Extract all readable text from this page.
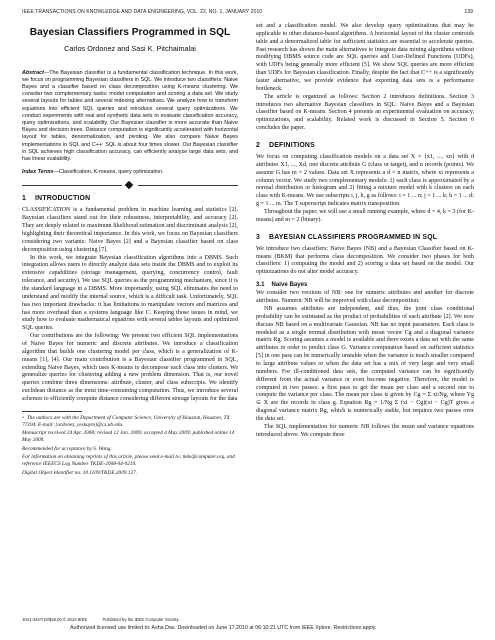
IEEE TRANSACTIONS ON KNOWLEDGE AND DATA ENGINEERING, VOL. 22, NO. 1, JANUARY 2010	139
Bayesian Classifiers Programmed in SQL
Carlos Ordonez and Sasi K. Pitchaimalai

Abstract—The Bayesian classifier is a fundamental classification technique. In this work, we focus on programming Bayesian classifiers in SQL. We introduce two classifiers: Naive Bayes and a classifier based on class decomposition using K-means clustering. We consider two complementary tasks: model computation and scoring a data set. We study several layouts for tables and several indexing alternatives. We analyze how to transform equations into efficient SQL queries and introduce several query optimizations. We conduct experiments with real and synthetic data sets to evaluate classification accuracy, query optimizations, and scalability. Our Bayesian classifier is more accurate than Naive Bayes and decision trees. Distance computation is significantly accelerated with horizontal layout for tables, denormalization, and pivoting. We also compare Naive Bayes implementations in SQL and C++: SQL is about four times slower. Our Bayesian classifier in SQL achieves high classification accuracy, can efficiently analyze large data sets, and has linear scalability.

Index Terms—Classification, K-means, query optimization.

1 INTRODUCTION

CLASSIFICATION is a fundamental problem in machine learning and statistics [2]. Bayesian classifiers stand out for their robustness, interpretability, and accuracy [2]. They are deeply related to maximum likelihood estimation and discriminant analysis [2], highlighting their theoretical importance. In this work, we focus on Bayesian classifiers considering two variants: Naive Bayes [2] and a Bayesian classifier based on class decomposition using clustering [7].

In this work, we integrate Bayesian classification algorithms into a DBMS. Such integration allows users to directly analyze data sets inside the DBMS and to exploit its extensive capabilities (storage management, querying, concurrency control, fault tolerance, and security). We use SQL queries as the programming mechanism, since it is the standard language in a DBMS. More importantly, using SQL eliminates the need to understand and modify the internal source, which is a difficult task. Unfortunately, SQL has two important drawbacks: it has limitations to manipulate vectors and matrices and has more overhead than a systems language like C. Keeping those issues in mind, we study how to evaluate mathematical equations with several tables layouts and optimized SQL queries.

Our contributions are the following: We present two efficient SQL implementations of Naive Bayes for numeric and discrete attributes. We introduce a classification algorithm that builds one clustering model per class, which is a generalization of K-means [1], [4]. Our main contribution is a Bayesian classifier programmed in SQL, extending Naive Bayes, which uses K-means to decompose each class into clusters. We generalize queries for clustering adding a new problem dimension. That is, our novel queries combine three dimensions: attribute, cluster, and class subscripts. We identify euclidean distance as the most time-consuming computation. Thus, we introduce several schemes to efficiently compute distance considering different storage layouts for the data

• The authors are with the Department of Computer Science, University of Houston, Houston, TX 77204. E-mail: {ordonez, yeskaym}@cs.uh.edu.

Manuscript received 24 Apr. 2008; revised 12 Jan. 2009; accepted 4 May 2009; published online 14 May 2009.

Recommended for acceptance by S. Wang.

For information on obtaining reprints of this article, please send e-mail to: tkde@computer.org, and reference IEEECS Log Number TKDE-2008-04-0219.

Digital Object Identifier no. 10.1109/TKDE.2009.127.

set and a classification model. We also develop query optimizations that may be applicable to other distance-based algorithms. A horizontal layout of the cluster centroids table and a denormalized table for sufficient statistics are essential to accelerate queries. Past research has shown the main alternatives to integrate data mining algorithms without modifying DBMS source code are SQL queries and User-Defined Functions (UDFs), with UDFs being generally more efficient [5]. We show SQL queries are more efficient than UDFs for Bayesian classification. Finally, despite the fact that C++ is a significantly faster alternative, we provide evidence that exporting data sets is a performance bottleneck.

The article is organized as follows: Section 2 introduces definitions. Section 3 introduces two alternative Bayesian classifiers in SQL: Naive Bayes and a Bayesian classifier based on K-means. Section 4 presents an experimental evaluation on accuracy, optimizations, and scalability. Related work is discussed in Section 5. Section 6 concludes the paper.

2 DEFINITIONS

We focus on computing classification models on a data set X = {x1, ..., xn} with d attributes X1, ..., Xd, one discrete attribute G (class or target), and n records (points). We assume G has m = 2 values. Data set X represents a d × n matrix, where xi represents a column vector. We study two complementary models: 1) each class is approximated by a normal distribution or histogram and 2) fitting a mixture model with k clusters on each class with K-means. We use subscripts i, j, h, g as follows: i = 1 ... n; j = 1 ... k; h = 1 ... d; g = 1 ... m. The T superscript indicates matrix transposition.

Throughout the paper, we will use a small running example, where d = 4, k = 3 (for K-means) and m = 2 (binary).

3 BAYESIAN CLASSIFIERS PROGRAMMED IN SQL

We introduce two classifiers: Naive Bayes (NB) and a Bayesian Classifier based on K-means (BKM) that performs class decomposition. We consider two phases for both classifiers: 1) computing the model and 2) scoring a data set based on the model. Our optimizations do not alter model accuracy.

3.1 Naive Bayes

We consider two versions of NB: one for numeric attributes and another for discrete attributes. Numeric NB will be improved with class decomposition.

NB assumes attributes are independent, and thus, the joint class conditional probability can be estimated as the product of probabilities of each attribute [2]. We now discuss NB based on a multivariate Gaussian. NB has no input parameters. Each class is modeled as a single normal distribution with mean vector Cg and a diagonal variance matrix Rg. Scoring assumes a model is available and there exists a data set with the same attributes in order to predict class G. Variance computation based on sufficient statistics [5] in one pass can be numerically unstable when the variance is much smaller compared to large attribute values or when the data set has a mix of very large and very small numbers. For ill-conditioned data sets, the computed variance can be significantly different from the actual variance or even become negative. Therefore, the model is computed in two passes: a first pass to get the mean per class and a second one to compute the variance per class. The mean per class is given by Cg = Σ xi/Ng, where Yg ⊆ X are the records in class g. Equation Rg = 1/Ng Σ (xi − Cg)(xi − Cg)T gives a diagonal variance matrix Rg, which is numerically stable, but requires two passes over the data set.

The SQL implementation for numeric NB follows the mean and variance equations introduced above. We compute three

1041-4347/10/$26.00 © 2010 IEEE	Published by the IEEE Computer Society
Authorized licensed use limited to: Asha Das. Downloaded on June 17,2010 at 06:10:21 UTC from IEEE Xplore. Restrictions apply.
